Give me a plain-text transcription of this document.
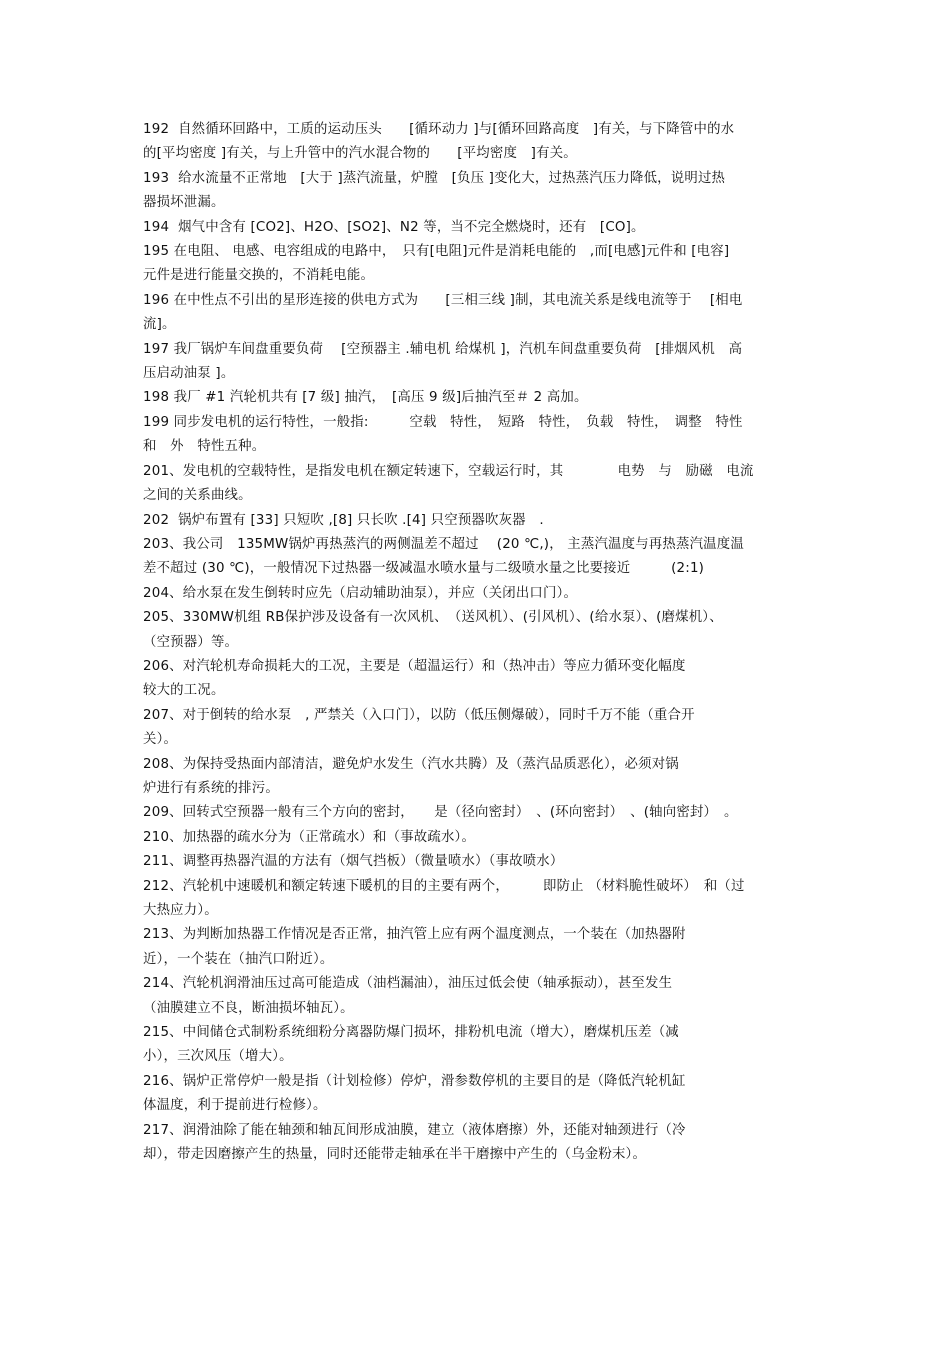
192  自然循环回路中，工质的运动压头　　[循环动力 ]与[循环回路高度　]有关，与下降管中的水
的[平均密度 ]有关，与上升管中的汽水混合物的　　[平均密度　]有关。
193  给水流量不正常地　[大于 ]蒸汽流量，炉膛　[负压 ]变化大，过热蒸汽压力降低，说明过热
器损坏泄漏。
194  烟气中含有 [CO2]、H2O、[SO2]、N2 等，当不完全燃烧时，还有　[CO]。
195 在电阻、 电感、电容组成的电路中，　只有[电阻]元件是消耗电能的　,而[电感]元件和 [电容]
元件是进行能量交换的，不消耗电能。
196 在中性点不引出的星形连接的供电方式为　　[三相三线 ]制，其电流关系是线电流等于　 [相电
流]。
197 我厂锅炉车间盘重要负荷　 [空预器主 .辅电机 给煤机 ]，汽机车间盘重要负荷　[排烟风机　高
压启动油泵 ]。
198 我厂 #1 汽轮机共有 [7 级] 抽汽，　[高压 9 级]后抽汽至＃ 2 高加。
199 同步发电机的运行特性，一般指:　　　空载　特性，　短路　特性，　负载　特性，　调整　特性
和　外　特性五种。
201、发电机的空载特性，是指发电机在额定转速下，空载运行时，其　　　　电势　与　励磁　电流
之间的关系曲线。
202  锅炉布置有 [33] 只短吹 ,[8] 只长吹 .[4] 只空预器吹灰器　.
203、我公司　135MW锅炉再热蒸汽的两侧温差不超过　 (20 ℃,)， 主蒸汽温度与再热蒸汽温度温
差不超过 (30 ℃)，一般情况下过热器一级减温水喷水量与二级喷水量之比要接近　　　(2:1)
204、给水泵在发生倒转时应先（启动辅助油泵），并应（关闭出口门）。
205、330MW机组 RB保护涉及设备有一次风机、　（送风机）、(引风机）、(给水泵）、(磨煤机）、
（空预器）等。
206、对汽轮机寿命损耗大的工况，主要是（超温运行）和（热冲击）等应力循环变化幅度
较大的工况。
207、对于倒转的给水泵　, 严禁关（入口门），以防（低压侧爆破），同时千万不能（重合开
关）。
208、为保持受热面内部清洁，避免炉水发生（汽水共腾）及（蒸汽品质恶化），必须对锅
炉进行有系统的排污。
209、回转式空预器一般有三个方向的密封，　　是（径向密封）　、(环向密封）　、(轴向密封）　。
210、加热器的疏水分为（正常疏水）和（事故疏水）。
211、调整再热器汽温的方法有（烟气挡板）（微量喷水）（事故喷水）
212、汽轮机中速暖机和额定转速下暖机的目的主要有两个，　　　即防止 （材料脆性破坏）　和（过
大热应力）。
213、为判断加热器工作情况是否正常，抽汽管上应有两个温度测点，一个装在（加热器附
近），一个装在（抽汽口附近）。
214、汽轮机润滑油压过高可能造成（油档漏油），油压过低会使（轴承振动），甚至发生
（油膜建立不良，断油损坏轴瓦）。
215、中间储仓式制粉系统细粉分离器防爆门损坏，排粉机电流（增大），磨煤机压差（减
小），三次风压（增大）。
216、锅炉正常停炉一般是指（计划检修）停炉，滑参数停机的主要目的是（降低汽轮机缸
体温度，利于提前进行检修）。
217、润滑油除了能在轴颈和轴瓦间形成油膜，建立（液体磨擦）外，还能对轴颈进行（冷
却），带走因磨擦产生的热量，同时还能带走轴承在半干磨擦中产生的（乌金粉末）。
